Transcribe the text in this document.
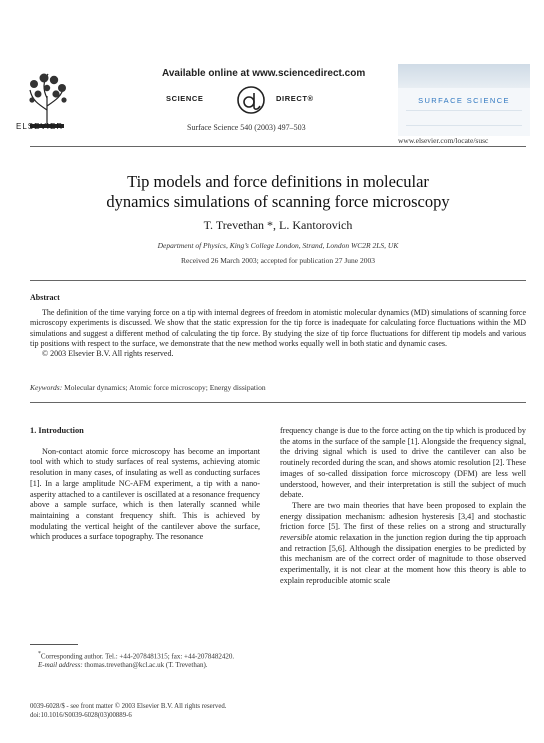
ELSEVIER
Available online at www.sciencedirect.com
SCIENCE	DIRECT®
Surface Science 540 (2003) 497–503
SURFACE SCIENCE
www.elsevier.com/locate/susc
Tip models and force definitions in molecular
dynamics simulations of scanning force microscopy
T. Trevethan *, L. Kantorovich
Department of Physics, King’s College London, Strand, London WC2R 2LS, UK
Received 26 March 2003; accepted for publication 27 June 2003
Abstract

The definition of the time varying force on a tip with internal degrees of freedom in atomistic molecular dynamics (MD) simulations of scanning force microscopy experiments is discussed. We show that the static expression for the tip force is inadequate for calculating force fluctuations within the MD simulations and suggest a different method of calculating the tip force. By studying the size of tip force fluctuations for different tip models and various tip positions with respect to the surface, we demonstrate that the new method works equally well in both static and dynamic cases.

© 2003 Elsevier B.V. All rights reserved.

Keywords: Molecular dynamics; Atomic force microscopy; Energy dissipation
1. Introduction

Non-contact atomic force microscopy has become an important tool with which to study surfaces of real systems, achieving atomic resolution in many cases, of insulating as well as conducting surfaces [1]. In a large amplitude NC-AFM experiment, a tip with a nano-asperity attached to a cantilever is oscillated at a resonance frequency above a sample surface, which is then laterally scanned while maintaining a constant frequency shift. This is achieved by modulating the vertical height of the cantilever above the surface, which produces a surface topography. The resonance

frequency change is due to the force acting on the tip which is produced by the atoms in the surface of the sample [1]. Alongside the frequency signal, the driving signal which is used to drive the cantilever can also be routinely recorded during the scan, and shows atomic resolution [2]. These images of so-called dissipation force microscopy (DFM) are less well understood, however, and their interpretation is still the subject of much debate.

There are two main theories that have been proposed to explain the energy dissipation mechanism: adhesion hysteresis [3,4] and stochastic friction force [5]. The first of these relies on a strong and structurally reversible atomic relaxation in the junction region during the tip approach and retraction [5,6]. Although the dissipation energies to be predicted by this mechanism are of the correct order of magnitude to those observed experimentally, it is not clear at the moment how this theory is able to explain reproducible atomic scale

*Corresponding author. Tel.: +44-2078481315; fax: +44-2078482420.
E-mail address: thomas.trevethan@kcl.ac.uk (T. Trevethan).
0039-6028/$ - see front matter © 2003 Elsevier B.V. All rights reserved.
doi:10.1016/S0039-6028(03)00889-6
